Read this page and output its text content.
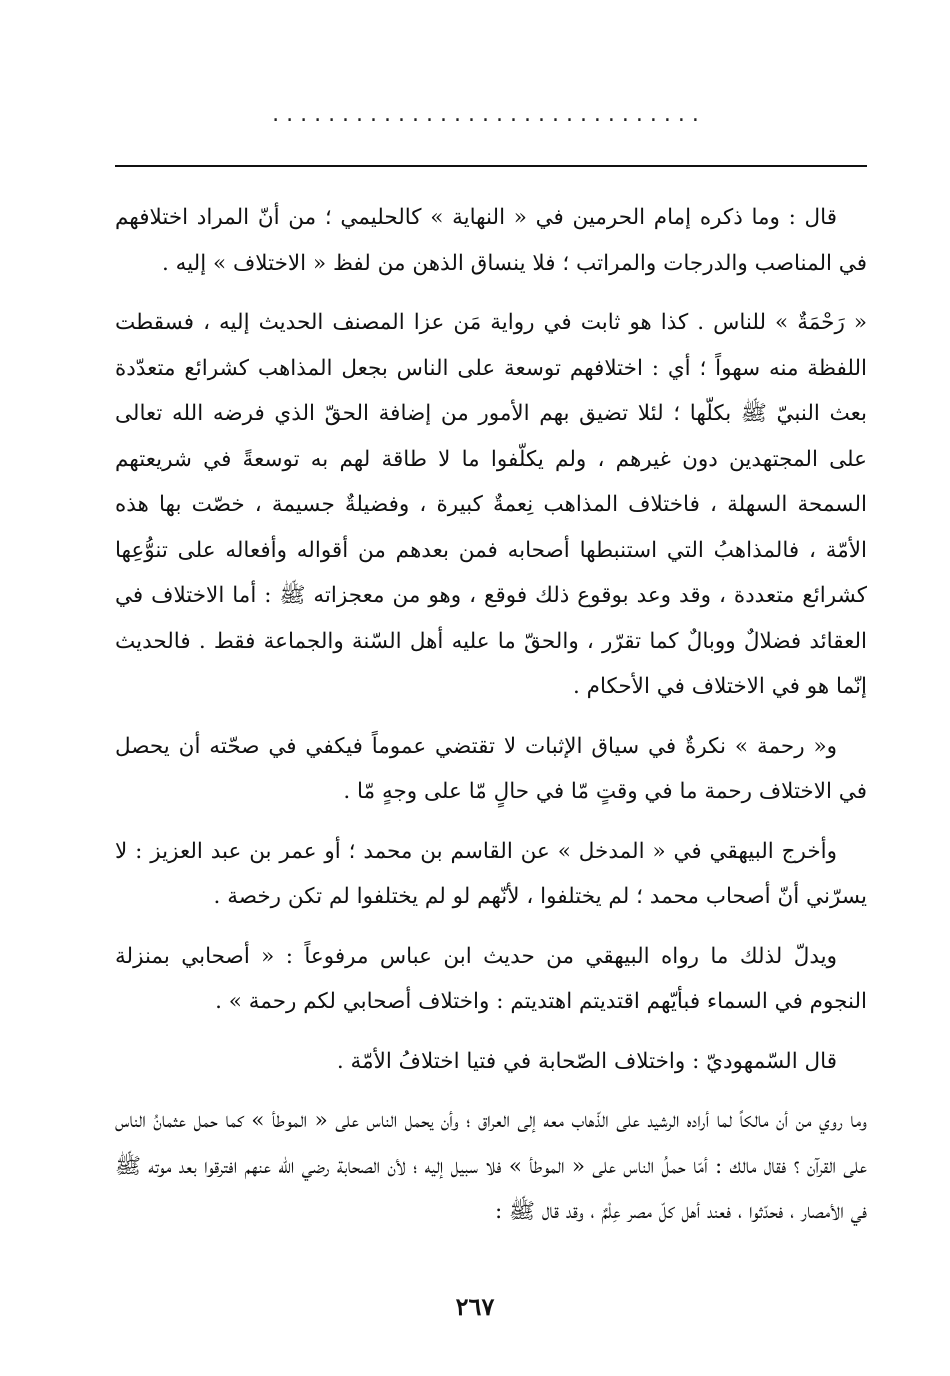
...............................

قال : وما ذكره إمام الحرمين في « النهاية » كالحليمي ؛ من أنّ المراد اختلافهم في المناصب والدرجات والمراتب ؛ فلا ينساق الذهن من لفظ « الاختلاف » إليه .

« رَحْمَةٌ » للناس . كذا هو ثابت في رواية مَن عزا المصنف الحديث إليه ، فسقطت اللفظة منه سهواً ؛ أي : اختلافهم توسعة على الناس بجعل المذاهب كشرائع متعدّدة بعث النبيّ ﷺ بكلّها ؛ لئلا تضيق بهم الأمور من إضافة الحقّ الذي فرضه الله تعالى على المجتهدين دون غيرهم ، ولم يكلّفوا ما لا طاقة لهم به توسعةً في شريعتهم السمحة السهلة ، فاختلاف المذاهب نِعمةٌ كبيرة ، وفضيلةٌ جسيمة ، خصّت بها هذه الأمّة ، فالمذاهبُ التي استنبطها أصحابه فمن بعدهم من أقواله وأفعاله على تنوُّعِها كشرائع متعددة ، وقد وعد بوقوع ذلك فوقع ، وهو من معجزاته ﷺ : أما الاختلاف في العقائد فضلالٌ ووبالٌ كما تقرّر ، والحقّ ما عليه أهل السّنة والجماعة فقط . فالحديث إنّما هو في الاختلاف في الأحكام .

و« رحمة » نكرةٌ في سياق الإثبات لا تقتضي عموماً فيكفي في صحّته أن يحصل في الاختلاف رحمة ما في وقتٍ مّا في حالٍ مّا على وجهٍ مّا .

وأخرج البيهقي في « المدخل » عن القاسم بن محمد ؛ أو عمر بن عبد العزيز : لا يسرّني أنّ أصحاب محمد ؛ لم يختلفوا ، لأنّهم لو لم يختلفوا لم تكن رخصة .

ويدلّ لذلك ما رواه البيهقي من حديث ابن عباس مرفوعاً : « أصحابي بمنزلة النجوم في السماء فبأيّهم اقتديتم اهتديتم : واختلاف أصحابي لكم رحمة » .

قال السّمهوديّ : واختلاف الصّحابة في فتيا اختلافُ الأمّة .

وما روي من أن مالكاً لما أراده الرشيد على الذّهاب معه إلى العراق ؛ وأن يحمل الناس على « الموطأ » كما حمل عثمانُ الناس على القرآن ؟ فقال مالك : أمّا حملُ الناس على « الموطأ » فلا سبيل إليه ؛ لأن الصحابة رضي الله عنهم افترقوا بعد موته ﷺ في الأمصار ، فحدّثوا ، فعند أهل كلّ مصر عِلْمٌ ، وقد قال ﷺ :

٢٦٧
